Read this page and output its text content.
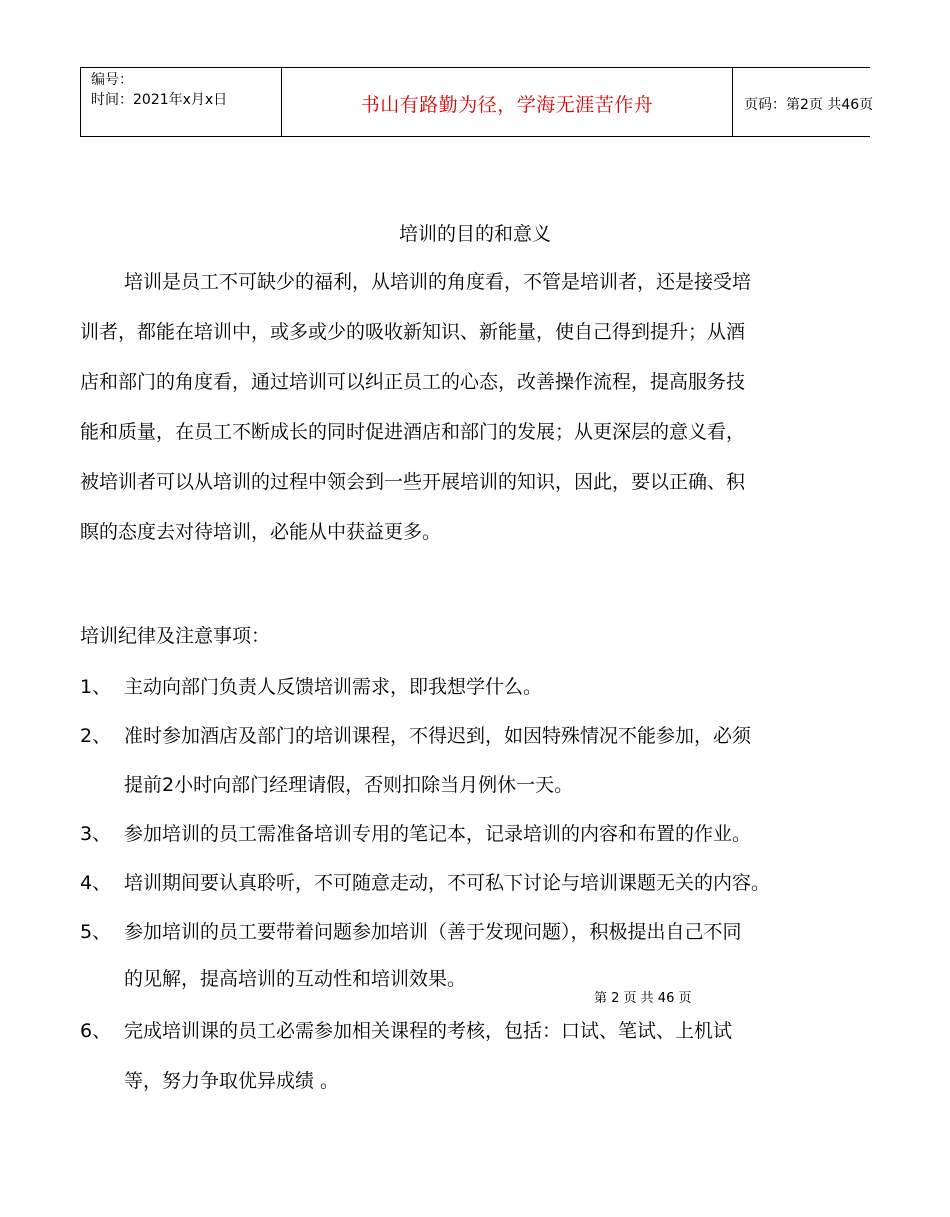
编号：
时间：2021年x月x日	书山有路勤为径，学海无涯苦作舟	页码：第2页 共46页
培训的目的和意义
培训是员工不可缺少的福利，从培训的角度看，不管是培训者，还是接受培
训者，都能在培训中，或多或少的吸收新知识、新能量，使自己得到提升；从酒
店和部门的角度看，通过培训可以纠正员工的心态，改善操作流程，提高服务技
能和质量，在员工不断成长的同时促进酒店和部门的发展；从更深层的意义看，
被培训者可以从培训的过程中领会到一些开展培训的知识，因此，要以正确、积
瞑的态度去对待培训，必能从中获益更多。
培训纪律及注意事项：
1、 主动向部门负责人反馈培训需求，即我想学什么。
2、 准时参加酒店及部门的培训课程，不得迟到，如因特殊情况不能参加，必须
提前2小时向部门经理请假，否则扣除当月例休一天。
3、 参加培训的员工需准备培训专用的笔记本，记录培训的内容和布置的作业。
4、 培训期间要认真聆听，不可随意走动，不可私下讨论与培训课题无关的内容。
5、 参加培训的员工要带着问题参加培训（善于发现问题），积极提出自己不同
的见解，提高培训的互动性和培训效果。
第 2 页 共 46 页
6、 完成培训课的员工必需参加相关课程的考核，包括：口试、笔试、上机试
等，努力争取优异成绩 。
